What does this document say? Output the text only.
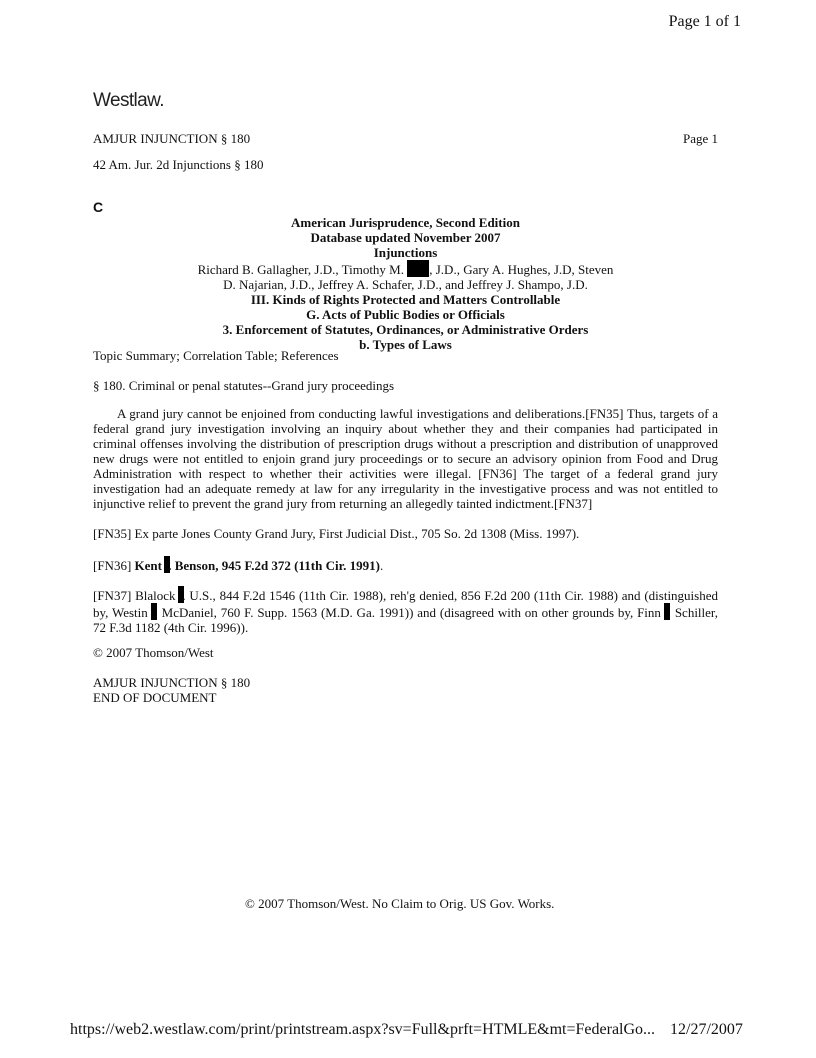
Page 1 of 1
Westlaw.
AMJUR INJUNCTION § 180	Page 1
42 Am. Jur. 2d Injunctions § 180
C
American Jurisprudence, Second Edition
Database updated November 2007
Injunctions
Richard B. Gallagher, J.D., Timothy M. , J.D., Gary A. Hughes, J.D, Steven
D. Najarian, J.D., Jeffrey A. Schafer, J.D., and Jeffrey J. Shampo, J.D.
III. Kinds of Rights Protected and Matters Controllable
G. Acts of Public Bodies or Officials
3. Enforcement of Statutes, Ordinances, or Administrative Orders
b. Types of Laws
Topic Summary; Correlation Table; References
§ 180. Criminal or penal statutes--Grand jury proceedings
A grand jury cannot be enjoined from conducting lawful investigations and deliberations.[FN35] Thus, targets of a federal grand jury investigation involving an inquiry about whether they and their companies had participated in criminal offenses involving the distribution of prescription drugs without a prescription and distribution of unapproved new drugs were not entitled to enjoin grand jury proceedings or to secure an advisory opinion from Food and Drug Administration with respect to whether their activities were illegal. [FN36] The target of a federal grand jury investigation had an adequate remedy at law for any irregularity in the investigative process and was not entitled to injunctive relief to prevent the grand jury from returning an allegedly tainted indictment.[FN37]
[FN35] Ex parte Jones County Grand Jury, First Judicial Dist., 705 So. 2d 1308 (Miss. 1997).
[FN36] Kent . Benson, 945 F.2d 372 (11th Cir. 1991).
[FN37] Blalock . U.S., 844 F.2d 1546 (11th Cir. 1988), reh'g denied, 856 F.2d 200 (11th Cir. 1988) and (distinguished by, Westin . McDaniel, 760 F. Supp. 1563 (M.D. Ga. 1991)) and (disagreed with on other grounds by, Finn . Schiller, 72 F.3d 1182 (4th Cir. 1996)).
© 2007 Thomson/West
AMJUR INJUNCTION § 180
END OF DOCUMENT
© 2007 Thomson/West. No Claim to Orig. US Gov. Works.
https://web2.westlaw.com/print/printstream.aspx?sv=Full&prft=HTMLE&mt=FederalGo... 12/27/2007
